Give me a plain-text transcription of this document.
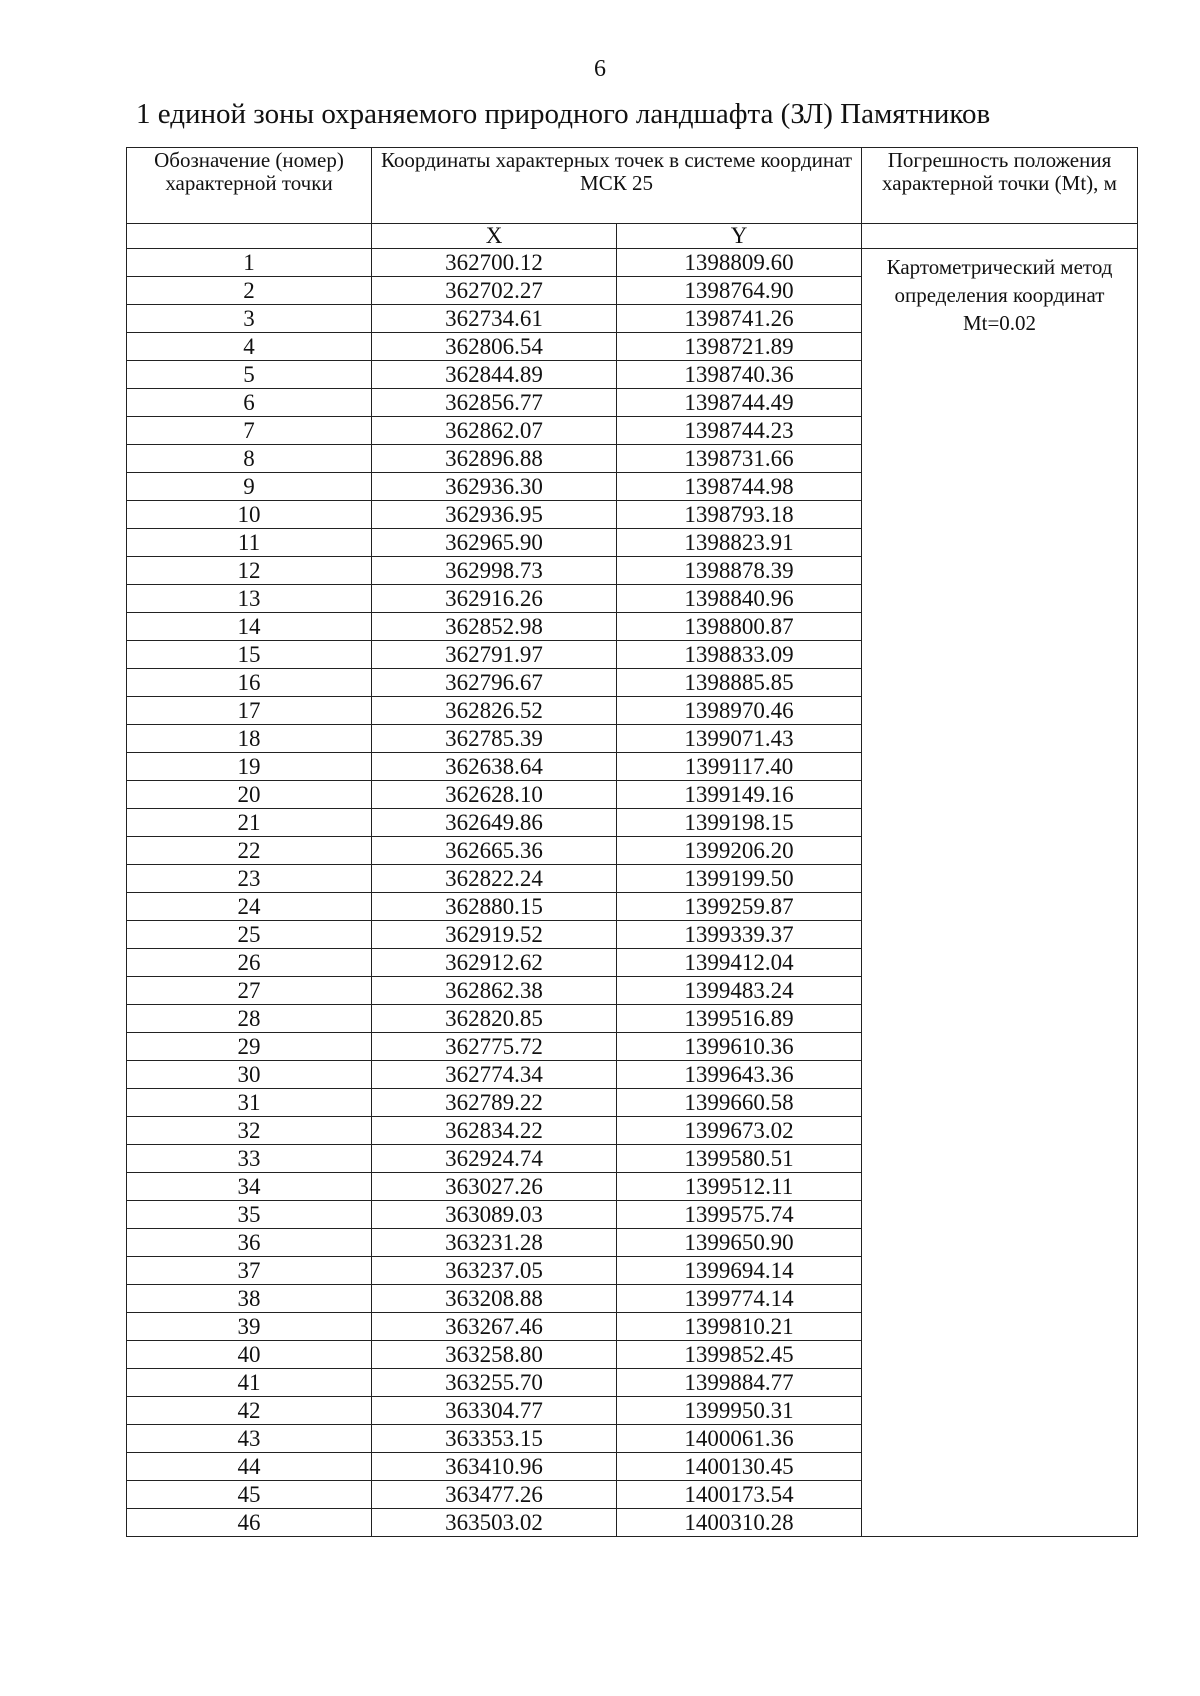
6
1 единой зоны охраняемого природного ландшафта (ЗЛ) Памятников
Обозначение (номер) характерной точки	Координаты характерных точек в системе координат МСК 25		Погрешность положения характерной точки (Mt), м
	X	Y	
1	362700.12	1398809.60	Картометрический метод
определения координат
Mt=0.02

2	362702.27	1398764.90	
3	362734.61	1398741.26	
4	362806.54	1398721.89	
5	362844.89	1398740.36	
6	362856.77	1398744.49	
7	362862.07	1398744.23	
8	362896.88	1398731.66	
9	362936.30	1398744.98	
10	362936.95	1398793.18	
11	362965.90	1398823.91	
12	362998.73	1398878.39	
13	362916.26	1398840.96	
14	362852.98	1398800.87	
15	362791.97	1398833.09	
16	362796.67	1398885.85	
17	362826.52	1398970.46	
18	362785.39	1399071.43	
19	362638.64	1399117.40	
20	362628.10	1399149.16	
21	362649.86	1399198.15	
22	362665.36	1399206.20	
23	362822.24	1399199.50	
24	362880.15	1399259.87	
25	362919.52	1399339.37	
26	362912.62	1399412.04	
27	362862.38	1399483.24	
28	362820.85	1399516.89	
29	362775.72	1399610.36	
30	362774.34	1399643.36	
31	362789.22	1399660.58	
32	362834.22	1399673.02	
33	362924.74	1399580.51	
34	363027.26	1399512.11	
35	363089.03	1399575.74	
36	363231.28	1399650.90	
37	363237.05	1399694.14	
38	363208.88	1399774.14	
39	363267.46	1399810.21	
40	363258.80	1399852.45	
41	363255.70	1399884.77	
42	363304.77	1399950.31	
43	363353.15	1400061.36	
44	363410.96	1400130.45	
45	363477.26	1400173.54	
46	363503.02	1400310.28	
